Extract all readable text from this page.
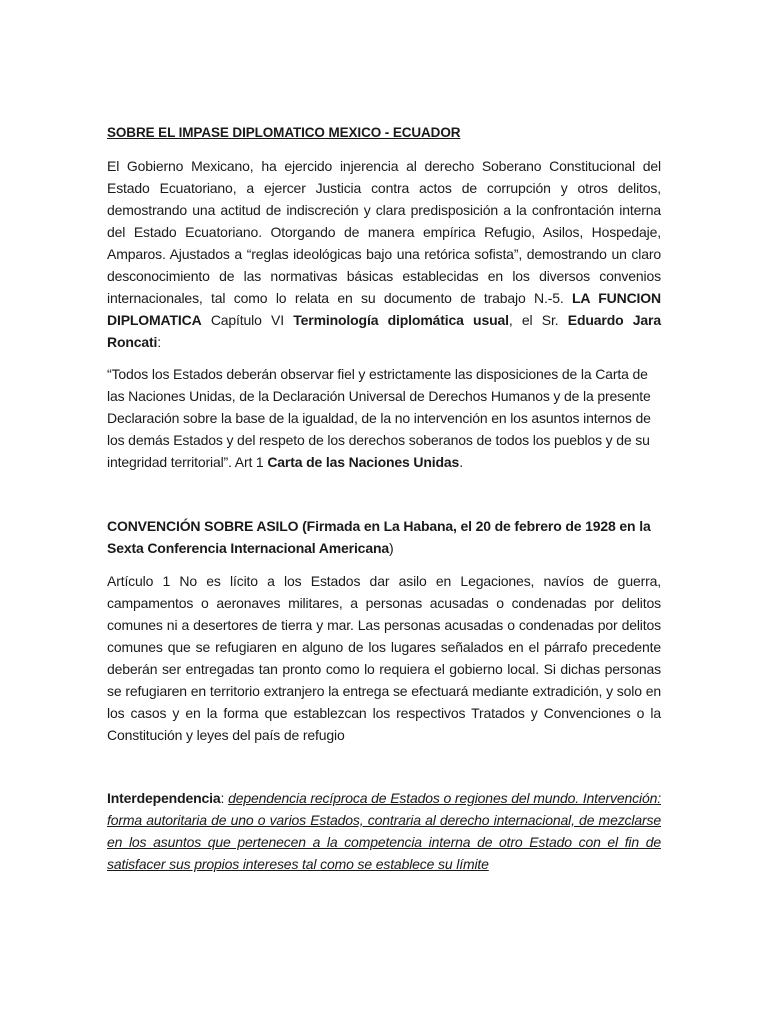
SOBRE EL IMPASE DIPLOMATICO MEXICO - ECUADOR

El Gobierno Mexicano, ha ejercido injerencia al derecho Soberano Constitucional del Estado Ecuatoriano, a ejercer Justicia contra actos de corrupción y otros delitos, demostrando una actitud de indiscreción y clara predisposición a la confrontación interna del Estado Ecuatoriano. Otorgando de manera empírica Refugio, Asilos, Hospedaje, Amparos. Ajustados a “reglas ideológicas bajo una retórica sofista”, demostrando un claro desconocimiento de las normativas básicas establecidas en los diversos convenios internacionales, tal como lo relata en su documento de trabajo N.-5. LA FUNCION DIPLOMATICA Capítulo VI Terminología diplomática usual, el Sr. Eduardo Jara Roncati:

“Todos los Estados deberán observar fiel y estrictamente las disposiciones de la Carta de las Naciones Unidas, de la Declaración Universal de Derechos Humanos y de la presente Declaración sobre la base de la igualdad, de la no intervención en los asuntos internos de los demás Estados y del respeto de los derechos soberanos de todos los pueblos y de su integridad territorial”. Art 1 Carta de las Naciones Unidas.

CONVENCIÓN SOBRE ASILO (Firmada en La Habana, el 20 de febrero de 1928 en la Sexta Conferencia Internacional Americana)

Artículo 1 No es lícito a los Estados dar asilo en Legaciones, navíos de guerra, campamentos o aeronaves militares, a personas acusadas o condenadas por delitos comunes ni a desertores de tierra y mar. Las personas acusadas o condenadas por delitos comunes que se refugiaren en alguno de los lugares señalados en el párrafo precedente deberán ser entregadas tan pronto como lo requiera el gobierno local. Si dichas personas se refugiaren en territorio extranjero la entrega se efectuará mediante extradición, y solo en los casos y en la forma que establezcan los respectivos Tratados y Convenciones o la Constitución y leyes del país de refugio

Interdependencia: dependencia recíproca de Estados o regiones del mundo. Intervención: forma autoritaria de uno o varios Estados, contraria al derecho internacional, de mezclarse en los asuntos que pertenecen a la competencia interna de otro Estado con el fin de satisfacer sus propios intereses tal como se establece su límite
